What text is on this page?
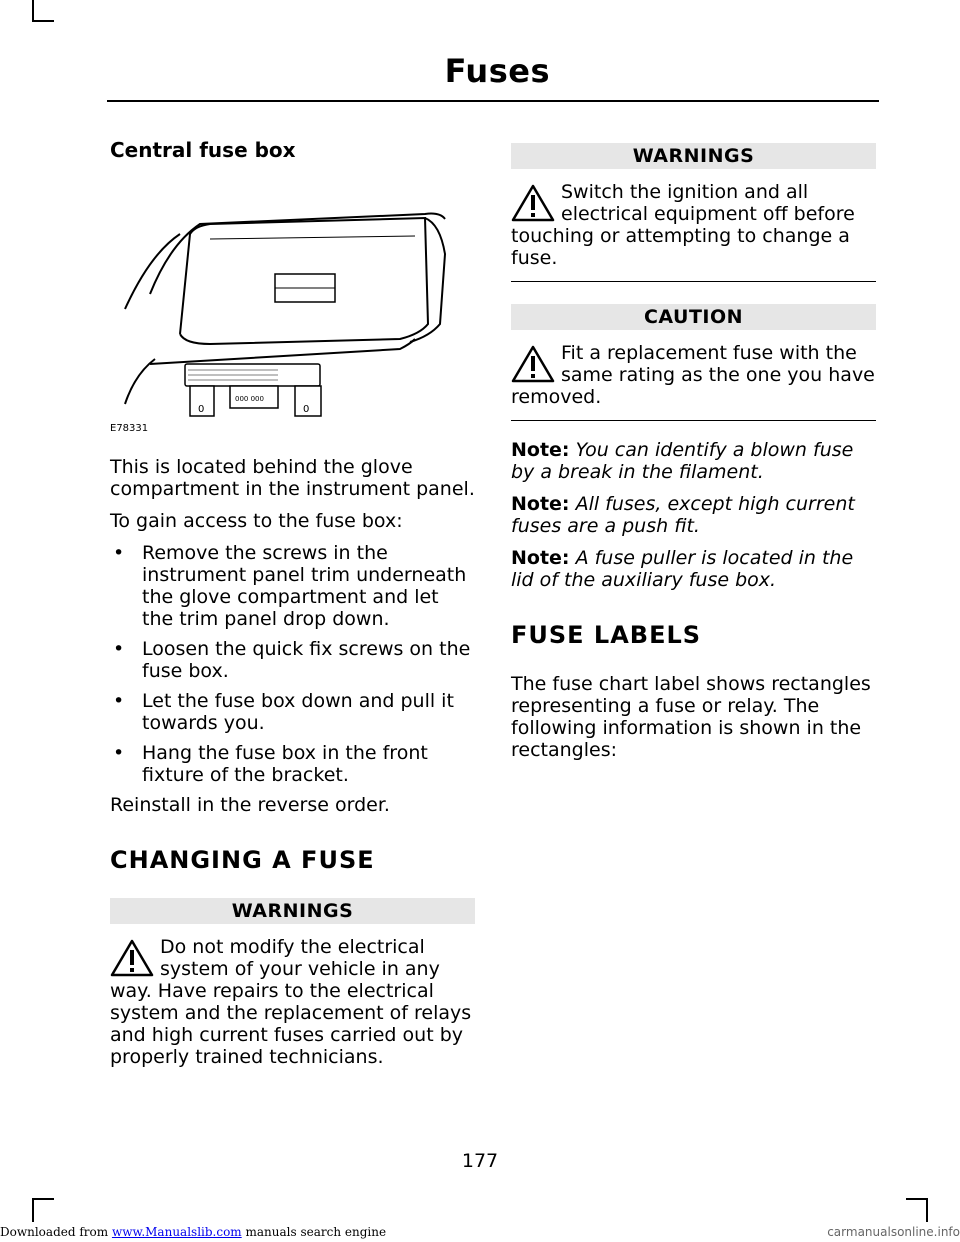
Fuses
Central fuse box
0	0
000 000
E78331

This is located behind the glove compartment in the instrument panel.

To gain access to the fuse box:

• Remove the screws in the instrument panel trim underneath the glove compartment and let the trim panel drop down.
• Loosen the quick fix screws on the fuse box.
• Let the fuse box down and pull it towards you.
• Hang the fuse box in the front fixture of the bracket.

Reinstall in the reverse order.

CHANGING A FUSE
WARNINGS
Do not modify the electrical system of your vehicle in any way. Have repairs to the electrical system and the replacement of relays and high current fuses carried out by properly trained technicians.
WARNINGS
Switch the ignition and all electrical equipment off before touching or attempting to change a fuse.
CAUTION
Fit a replacement fuse with the same rating as the one you have removed.

Note: You can identify a blown fuse by a break in the filament.

Note: All fuses, except high current fuses are a push fit.

Note: A fuse puller is located in the lid of the auxiliary fuse box.

FUSE LABELS

The fuse chart label shows rectangles representing a fuse or relay. The following information is shown in the rectangles:

177
Downloaded from www.Manualslib.com manuals search engine	carmanualsonline.info
